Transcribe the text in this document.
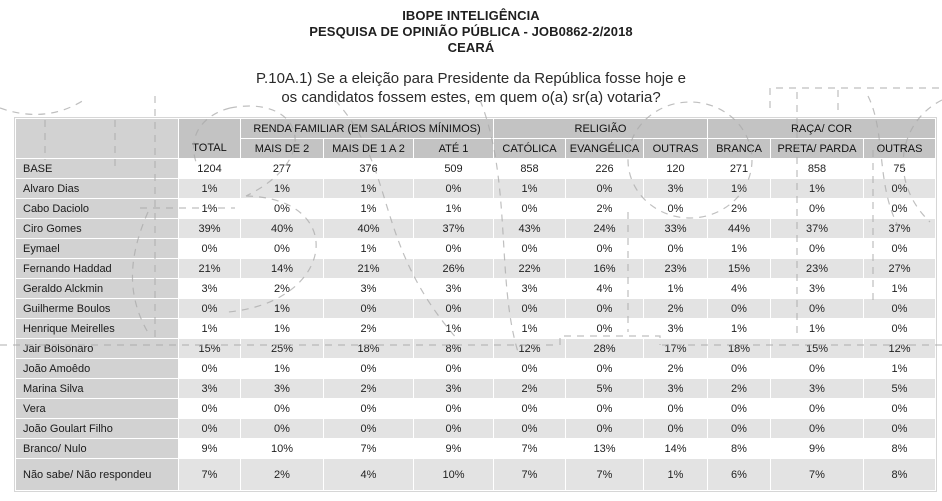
IBOPE INTELIGÊNCIA
PESQUISA DE OPINIÃO PÚBLICA - JOB0862-2/2018
CEARÁ
P.10A.1) Se a eleição para Presidente da República fosse hoje e
os candidatos fossem estes, em quem o(a) sr(a) votaria?
	TOTAL	RENDA FAMILIAR (EM SALÁRIOS MÍNIMOS)			RELIGIÃO			RAÇA/ COR		
		MAIS DE 2	MAIS DE 1 A 2	ATÉ 1	CATÓLICA	EVANGÉLICA	OUTRAS	BRANCA	PRETA/ PARDA	OUTRAS
BASE	1204	277	376	509	858	226	120	271	858	75
Alvaro Dias	1%	1%	1%	0%	1%	0%	3%	1%	1%	0%
Cabo Daciolo	1%	0%	1%	1%	0%	2%	0%	2%	0%	0%
Ciro Gomes	39%	40%	40%	37%	43%	24%	33%	44%	37%	37%
Eymael	0%	0%	1%	0%	0%	0%	0%	1%	0%	0%
Fernando Haddad	21%	14%	21%	26%	22%	16%	23%	15%	23%	27%
Geraldo Alckmin	3%	2%	3%	3%	3%	4%	1%	4%	3%	1%
Guilherme Boulos	0%	1%	0%	0%	0%	0%	2%	0%	0%	0%
Henrique Meirelles	1%	1%	2%	1%	1%	0%	3%	1%	1%	0%
Jair Bolsonaro	15%	25%	18%	8%	12%	28%	17%	18%	15%	12%
João Amoêdo	0%	1%	0%	0%	0%	0%	2%	0%	0%	1%
Marina Silva	3%	3%	2%	3%	2%	5%	3%	2%	3%	5%
Vera	0%	0%	0%	0%	0%	0%	0%	0%	0%	0%
João Goulart Filho	0%	0%	0%	0%	0%	0%	0%	0%	0%	0%
Branco/ Nulo	9%	10%	7%	9%	7%	13%	14%	8%	9%	8%
Não sabe/ Não respondeu	7%	2%	4%	10%	7%	7%	1%	6%	7%	8%
